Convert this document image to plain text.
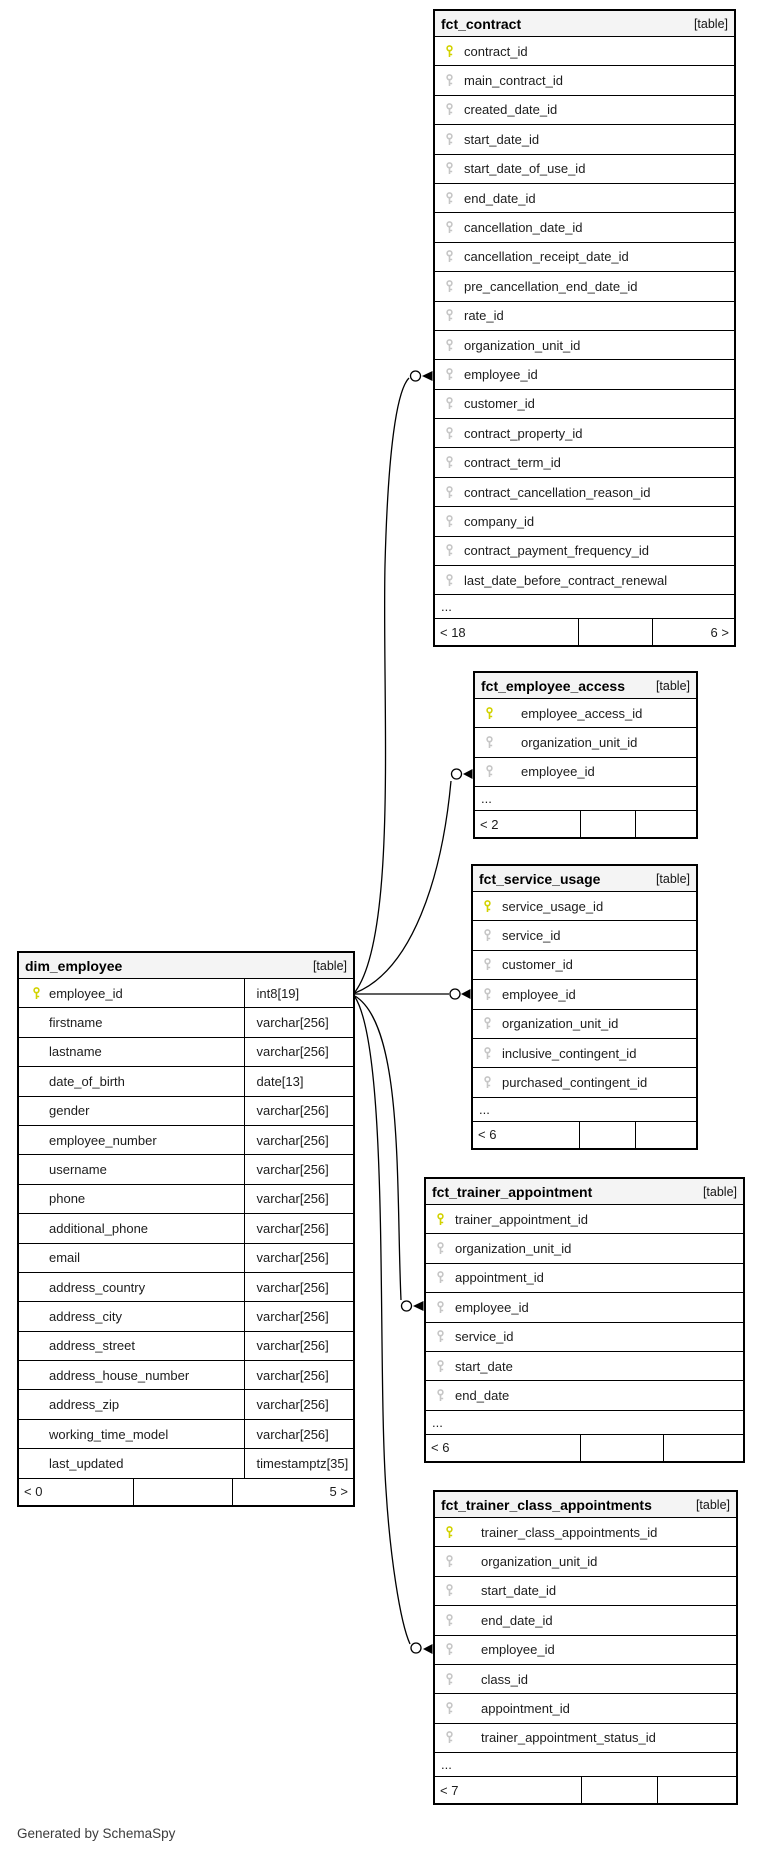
fct_contract	[table]
contract_id
main_contract_id
created_date_id
start_date_id
start_date_of_use_id
end_date_id
cancellation_date_id
cancellation_receipt_date_id
pre_cancellation_end_date_id
rate_id
organization_unit_id
employee_id
customer_id
contract_property_id
contract_term_id
contract_cancellation_reason_id
company_id
contract_payment_frequency_id
last_date_before_contract_renewal
...
< 18	6 >
fct_employee_access	[table]
employee_access_id
organization_unit_id
employee_id
...
< 2
fct_service_usage	[table]
service_usage_id
service_id
customer_id
employee_id
organization_unit_id
inclusive_contingent_id
purchased_contingent_id
...
< 6
fct_trainer_appointment	[table]
trainer_appointment_id
organization_unit_id
appointment_id
employee_id
service_id
start_date
end_date
...
< 6
fct_trainer_class_appointments	[table]
trainer_class_appointments_id
organization_unit_id
start_date_id
end_date_id
employee_id
class_id
appointment_id
trainer_appointment_status_id
...
< 7
dim_employee	[table]
employee_id	int8[19]
firstname	varchar[256]
lastname	varchar[256]
date_of_birth	date[13]
gender	varchar[256]
employee_number	varchar[256]
username	varchar[256]
phone	varchar[256]
additional_phone	varchar[256]
email	varchar[256]
address_country	varchar[256]
address_city	varchar[256]
address_street	varchar[256]
address_house_number	varchar[256]
address_zip	varchar[256]
working_time_model	varchar[256]
last_updated	timestamptz[35]
< 0	5 >
Generated by SchemaSpy
